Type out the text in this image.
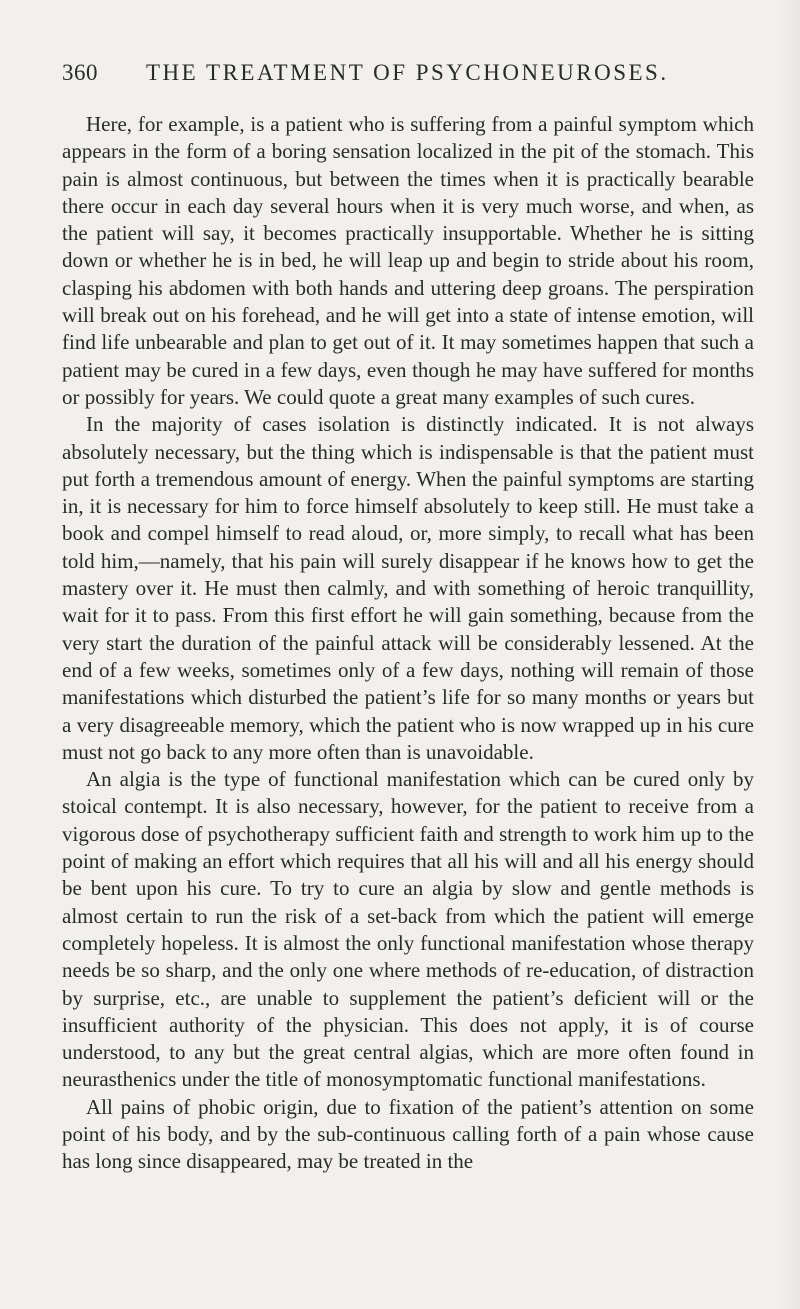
360 THE TREATMENT OF PSYCHONEUROSES.

Here, for example, is a patient who is suffering from a painful symptom which appears in the form of a boring sensation localized in the pit of the stomach. This pain is almost continuous, but between the times when it is practically bearable there occur in each day several hours when it is very much worse, and when, as the patient will say, it becomes practically insupportable. Whether he is sitting down or whether he is in bed, he will leap up and begin to stride about his room, clasping his abdomen with both hands and uttering deep groans. The perspiration will break out on his forehead, and he will get into a state of intense emotion, will find life unbearable and plan to get out of it. It may sometimes happen that such a patient may be cured in a few days, even though he may have suffered for months or possibly for years. We could quote a great many examples of such cures.

In the majority of cases isolation is distinctly indicated. It is not always absolutely necessary, but the thing which is indispensable is that the patient must put forth a tremendous amount of energy. When the painful symptoms are starting in, it is necessary for him to force himself absolutely to keep still. He must take a book and compel himself to read aloud, or, more simply, to recall what has been told him,—namely, that his pain will surely disappear if he knows how to get the mastery over it. He must then calmly, and with something of heroic tranquillity, wait for it to pass. From this first effort he will gain something, because from the very start the duration of the painful attack will be considerably lessened. At the end of a few weeks, sometimes only of a few days, nothing will remain of those manifestations which disturbed the patient’s life for so many months or years but a very disagreeable memory, which the patient who is now wrapped up in his cure must not go back to any more often than is unavoidable.

An algia is the type of functional manifestation which can be cured only by stoical contempt. It is also necessary, however, for the patient to receive from a vigorous dose of psychotherapy sufficient faith and strength to work him up to the point of making an effort which requires that all his will and all his energy should be bent upon his cure. To try to cure an algia by slow and gentle methods is almost certain to run the risk of a set-back from which the patient will emerge completely hopeless. It is almost the only functional manifestation whose therapy needs be so sharp, and the only one where methods of re-education, of distraction by surprise, etc., are unable to supplement the patient’s deficient will or the insufficient authority of the physician. This does not apply, it is of course understood, to any but the great central algias, which are more often found in neurasthenics under the title of monosymptomatic functional manifestations.

All pains of phobic origin, due to fixation of the patient’s attention on some point of his body, and by the sub-continuous calling forth of a pain whose cause has long since disappeared, may be treated in the
